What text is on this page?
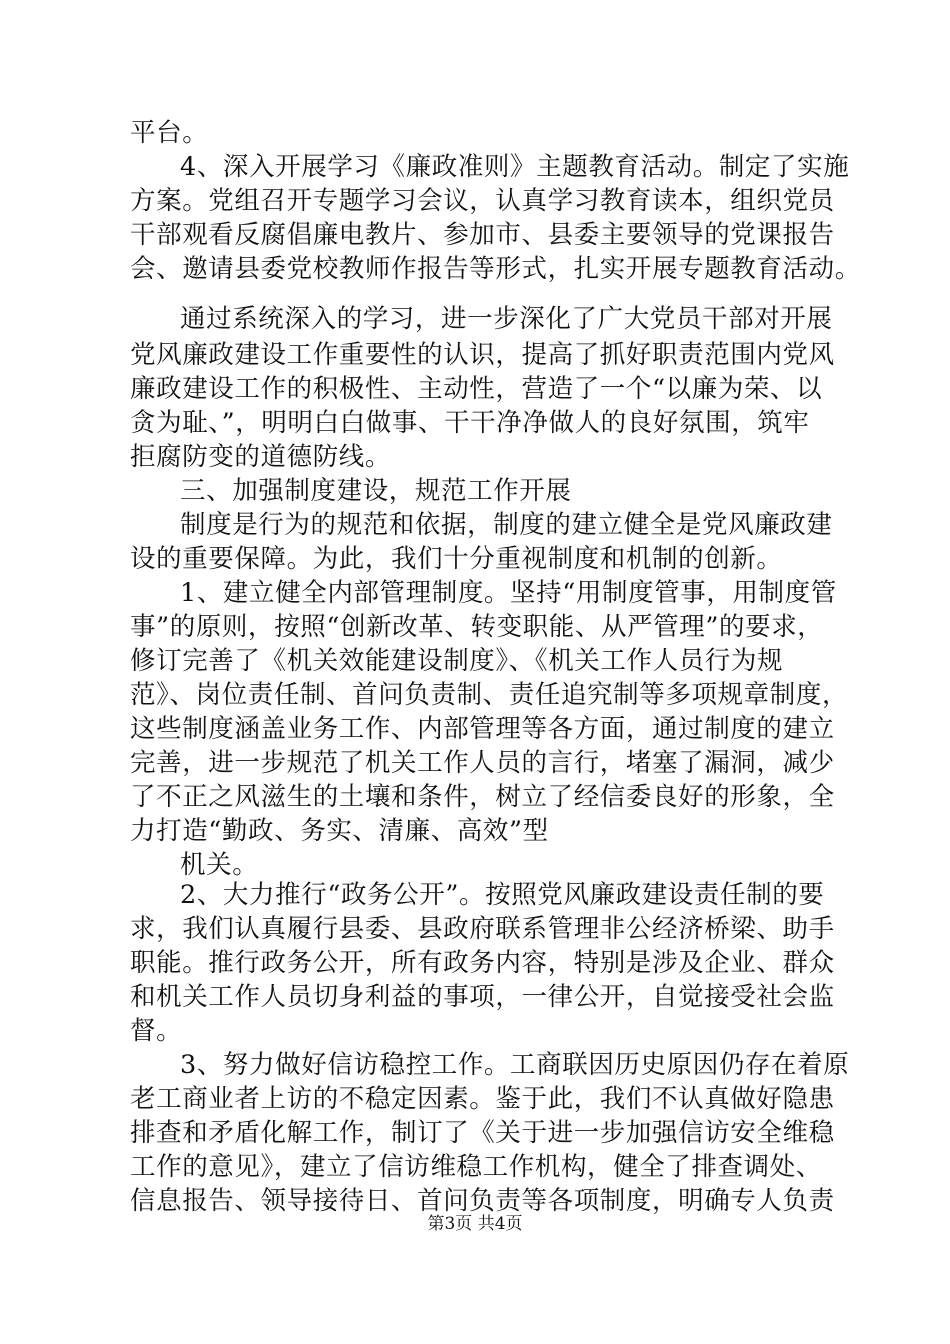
平台。
4、深入开展学习《廉政准则》主题教育活动。制定了实施
方案。党组召开专题学习会议，认真学习教育读本，组织党员
干部观看反腐倡廉电教片、参加市、县委主要领导的党课报告
会、邀请县委党校教师作报告等形式，扎实开展专题教育活动。
通过系统深入的学习，进一步深化了广大党员干部对开展
党风廉政建设工作重要性的认识，提高了抓好职责范围内党风
廉政建设工作的积极性、主动性，营造了一个“以廉为荣、以
贪为耻、”，明明白白做事、干干净净做人的良好氛围，筑牢
拒腐防变的道德防线。
三、加强制度建设，规范工作开展
制度是行为的规范和依据，制度的建立健全是党风廉政建
设的重要保障。为此，我们十分重视制度和机制的创新。
1、建立健全内部管理制度。坚持“用制度管事，用制度管
事”的原则，按照“创新改革、转变职能、从严管理”的要求，
修订完善了《机关效能建设制度》、《机关工作人员行为规
范》、岗位责任制、首问负责制、责任追究制等多项规章制度，
这些制度涵盖业务工作、内部管理等各方面，通过制度的建立
完善，进一步规范了机关工作人员的言行，堵塞了漏洞，减少
了不正之风滋生的土壤和条件，树立了经信委良好的形象，全
力打造“勤政、务实、清廉、高效”型
机关。
2、大力推行“政务公开”。按照党风廉政建设责任制的要
求，我们认真履行县委、县政府联系管理非公经济桥梁、助手
职能。推行政务公开，所有政务内容，特别是涉及企业、群众
和机关工作人员切身利益的事项，一律公开，自觉接受社会监
督。
3、努力做好信访稳控工作。工商联因历史原因仍存在着原
老工商业者上访的不稳定因素。鉴于此，我们不认真做好隐患
排查和矛盾化解工作，制订了《关于进一步加强信访安全维稳
工作的意见》，建立了信访维稳工作机构，健全了排查调处、
信息报告、领导接待日、首问负责等各项制度，明确专人负责
第3页 共4页
